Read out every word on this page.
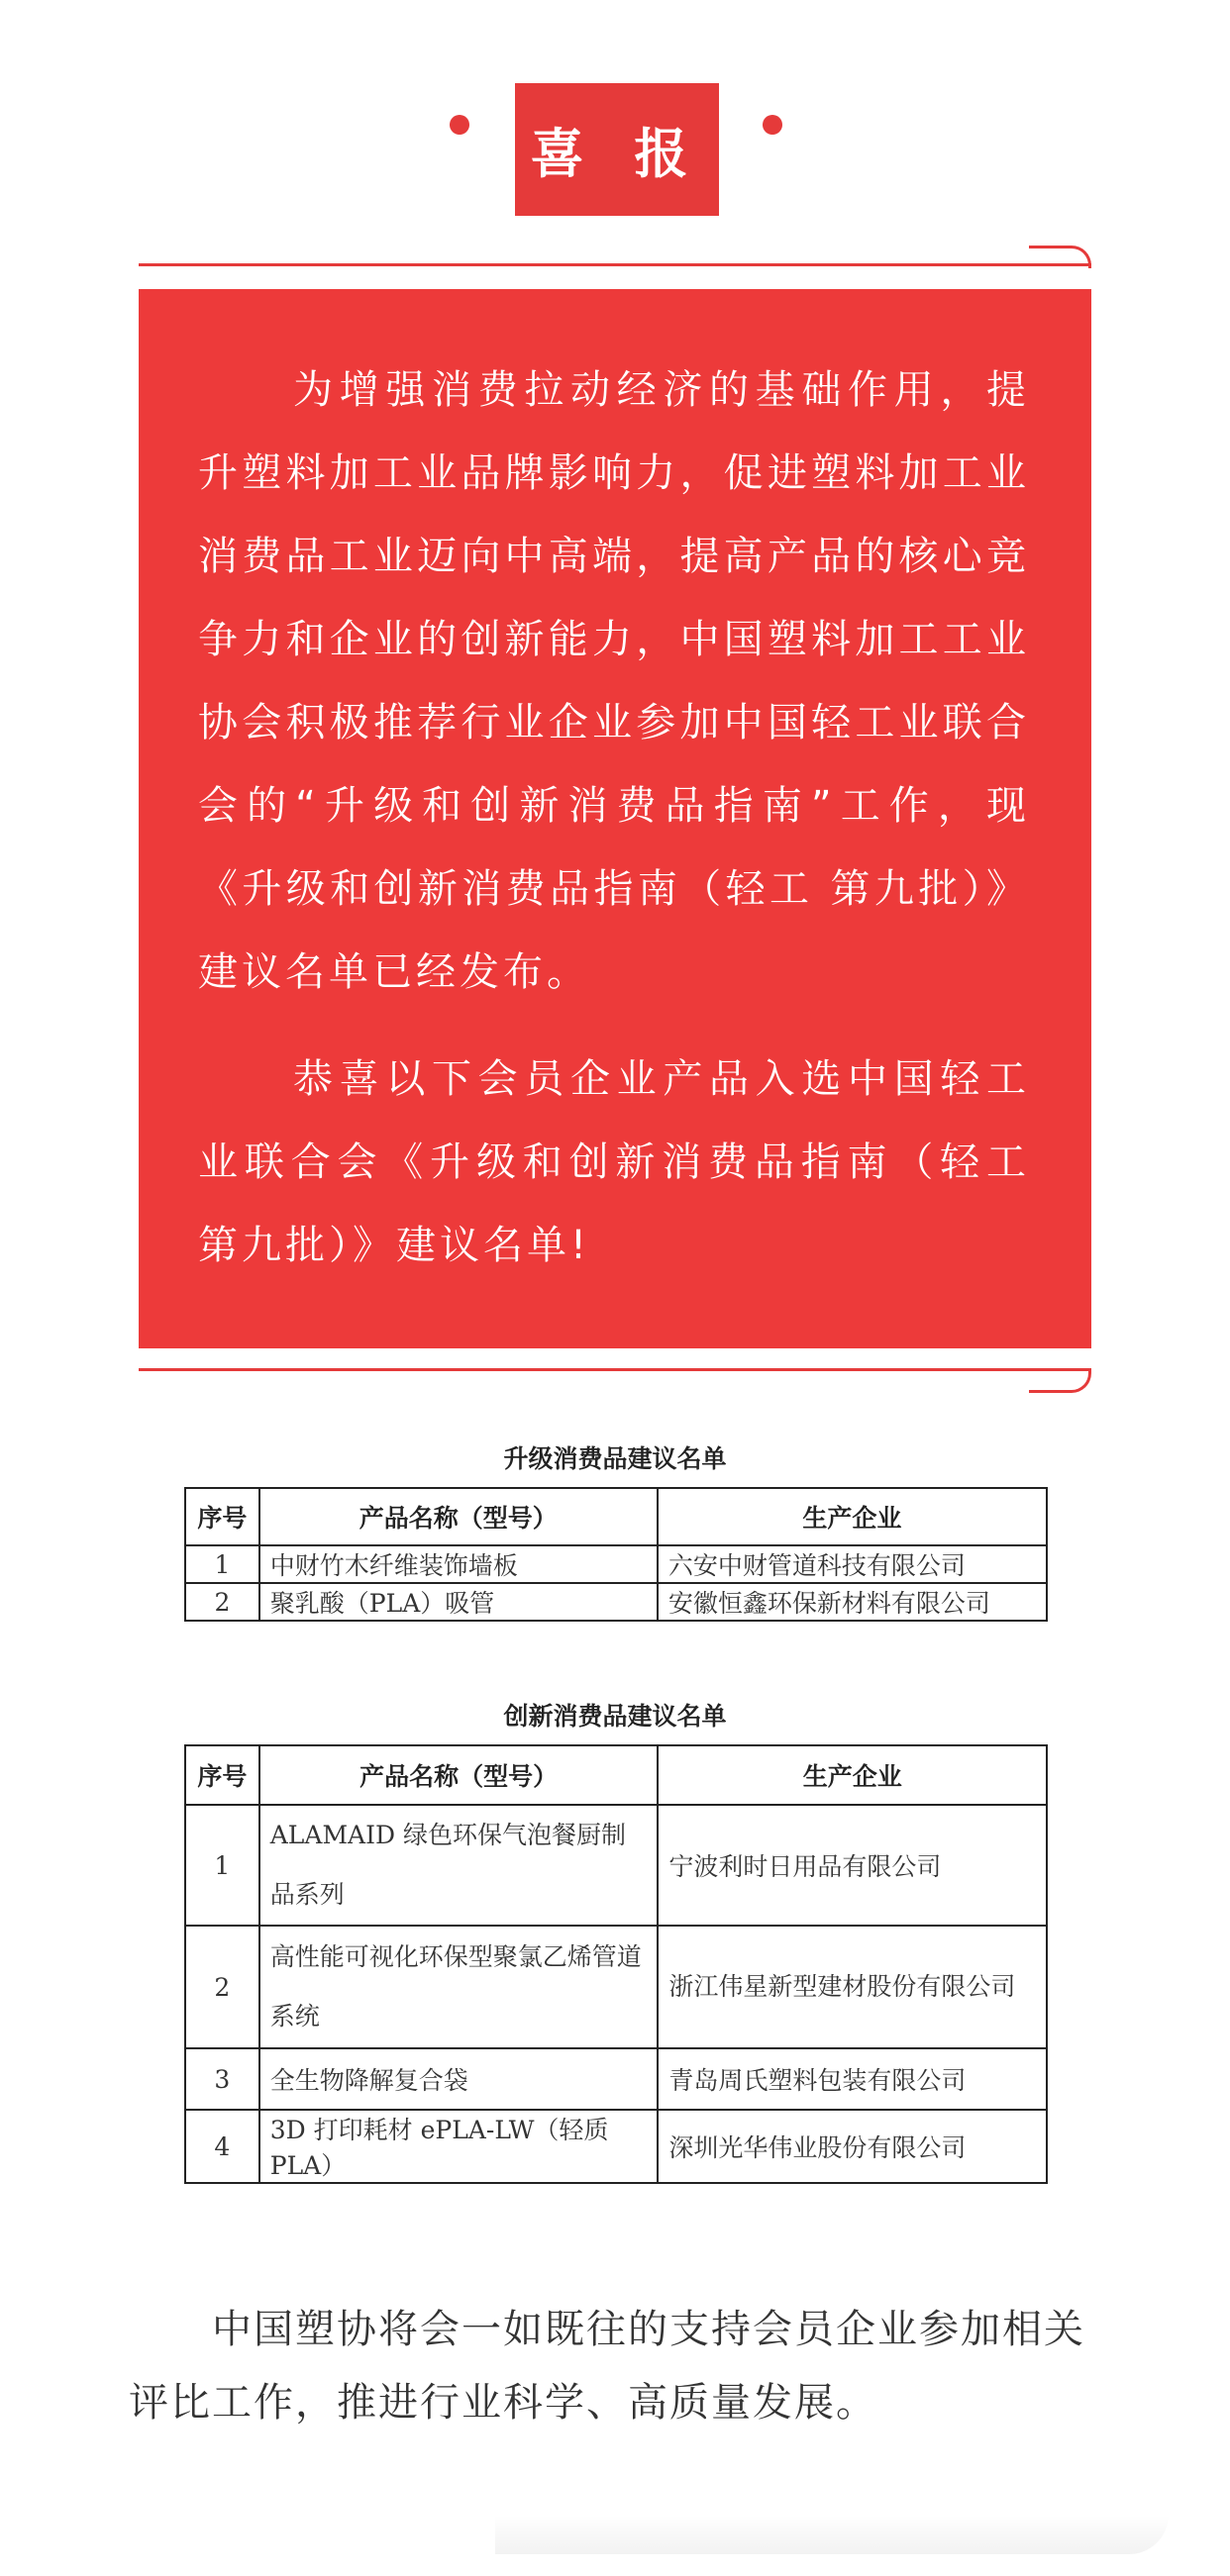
喜 报

为增强消费拉动经济的基础作用，提升塑料加工业品牌影响力，促进塑料加工业消费品工业迈向中高端，提高产品的核心竞争力和企业的创新能力，中国塑料加工工业协会积极推荐行业企业参加中国轻工业联合会的“升级和创新消费品指南”工作，现《升级和创新消费品指南（轻工 第九批）》建议名单已经发布。

恭喜以下会员企业产品入选中国轻工业联合会《升级和创新消费品指南（轻工 第九批）》建议名单!

升级消费品建议名单
序号	产品名称（型号）	生产企业
1	中财竹木纤维装饰墙板	六安中财管道科技有限公司
2	聚乳酸（PLA）吸管	安徽恒鑫环保新材料有限公司
创新消费品建议名单
序号	产品名称（型号）	生产企业
1	ALAMAID 绿色环保气泡餐厨制品系列	宁波利时日用品有限公司
2	高性能可视化环保型聚氯乙烯管道系统	浙江伟星新型建材股份有限公司
3	全生物降解复合袋	青岛周氏塑料包装有限公司
4	3D 打印耗材 ePLA-LW（轻质 PLA）	深圳光华伟业股份有限公司

中国塑协将会一如既往的支持会员企业参加相关评比工作，推进行业科学、高质量发展。
